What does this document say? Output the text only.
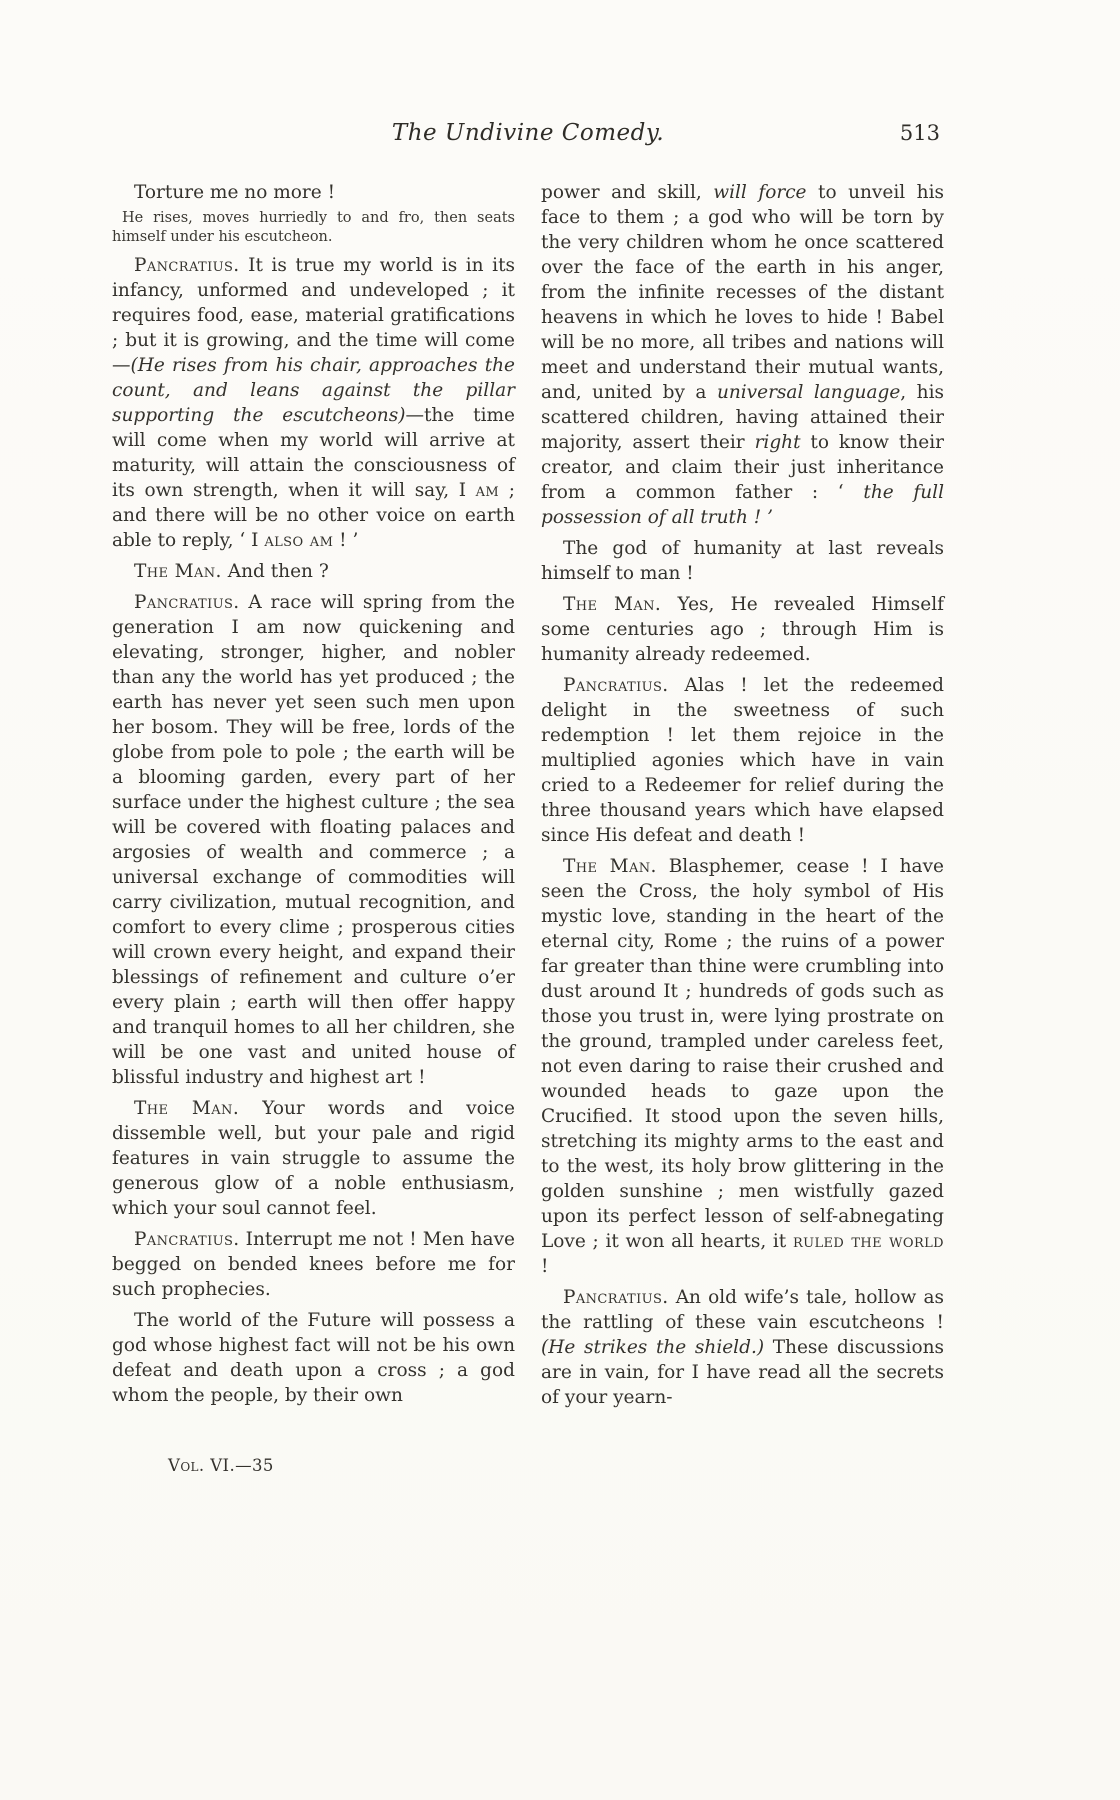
The Undivine Comedy.	513

Torture me no more !

He rises, moves hurriedly to and fro, then seats himself under his escutcheon.

Pancratius. It is true my world is in its infancy, unformed and undeveloped ; it requires food, ease, material gratifications ; but it is growing, and the time will come—(He rises from his chair, approaches the count, and leans against the pillar supporting the escutcheons)—the time will come when my world will arrive at maturity, will attain the consciousness of its own strength, when it will say, I am ; and there will be no other voice on earth able to reply, ‘ I also am ! ’

The Man. And then ?

Pancratius. A race will spring from the generation I am now quickening and elevating, stronger, higher, and nobler than any the world has yet produced ; the earth has never yet seen such men upon her bosom. They will be free, lords of the globe from pole to pole ; the earth will be a blooming garden, every part of her surface under the highest culture ; the sea will be covered with floating palaces and argosies of wealth and commerce ; a universal exchange of commodities will carry civilization, mutual recognition, and comfort to every clime ; prosperous cities will crown every height, and expand their blessings of refinement and culture o’er every plain ; earth will then offer happy and tranquil homes to all her children, she will be one vast and united house of blissful industry and highest art !

The Man. Your words and voice dissemble well, but your pale and rigid features in vain struggle to assume the generous glow of a noble enthusiasm, which your soul cannot feel.

Pancratius. Interrupt me not ! Men have begged on bended knees before me for such prophecies.

The world of the Future will possess a god whose highest fact will not be his own defeat and death upon a cross ; a god whom the people, by their own

power and skill, will force to unveil his face to them ; a god who will be torn by the very children whom he once scattered over the face of the earth in his anger, from the infinite recesses of the distant heavens in which he loves to hide ! Babel will be no more, all tribes and nations will meet and understand their mutual wants, and, united by a universal language, his scattered children, having attained their majority, assert their right to know their creator, and claim their just inheritance from a common father : ‘ the full possession of all truth ! ’

The god of humanity at last reveals himself to man !

The Man. Yes, He revealed Himself some centuries ago ; through Him is humanity already redeemed.

Pancratius. Alas ! let the redeemed delight in the sweetness of such redemption ! let them rejoice in the multiplied agonies which have in vain cried to a Redeemer for relief during the three thousand years which have elapsed since His defeat and death !

The Man. Blasphemer, cease ! I have seen the Cross, the holy symbol of His mystic love, standing in the heart of the eternal city, Rome ; the ruins of a power far greater than thine were crumbling into dust around It ; hundreds of gods such as those you trust in, were lying prostrate on the ground, trampled under careless feet, not even daring to raise their crushed and wounded heads to gaze upon the Crucified. It stood upon the seven hills, stretching its mighty arms to the east and to the west, its holy brow glittering in the golden sunshine ; men wistfully gazed upon its perfect lesson of self-abnegating Love ; it won all hearts, it ruled the world !

Pancratius. An old wife’s tale, hollow as the rattling of these vain escutcheons ! (He strikes the shield.) These discussions are in vain, for I have read all the secrets of your yearn-

Vol. VI.—35
